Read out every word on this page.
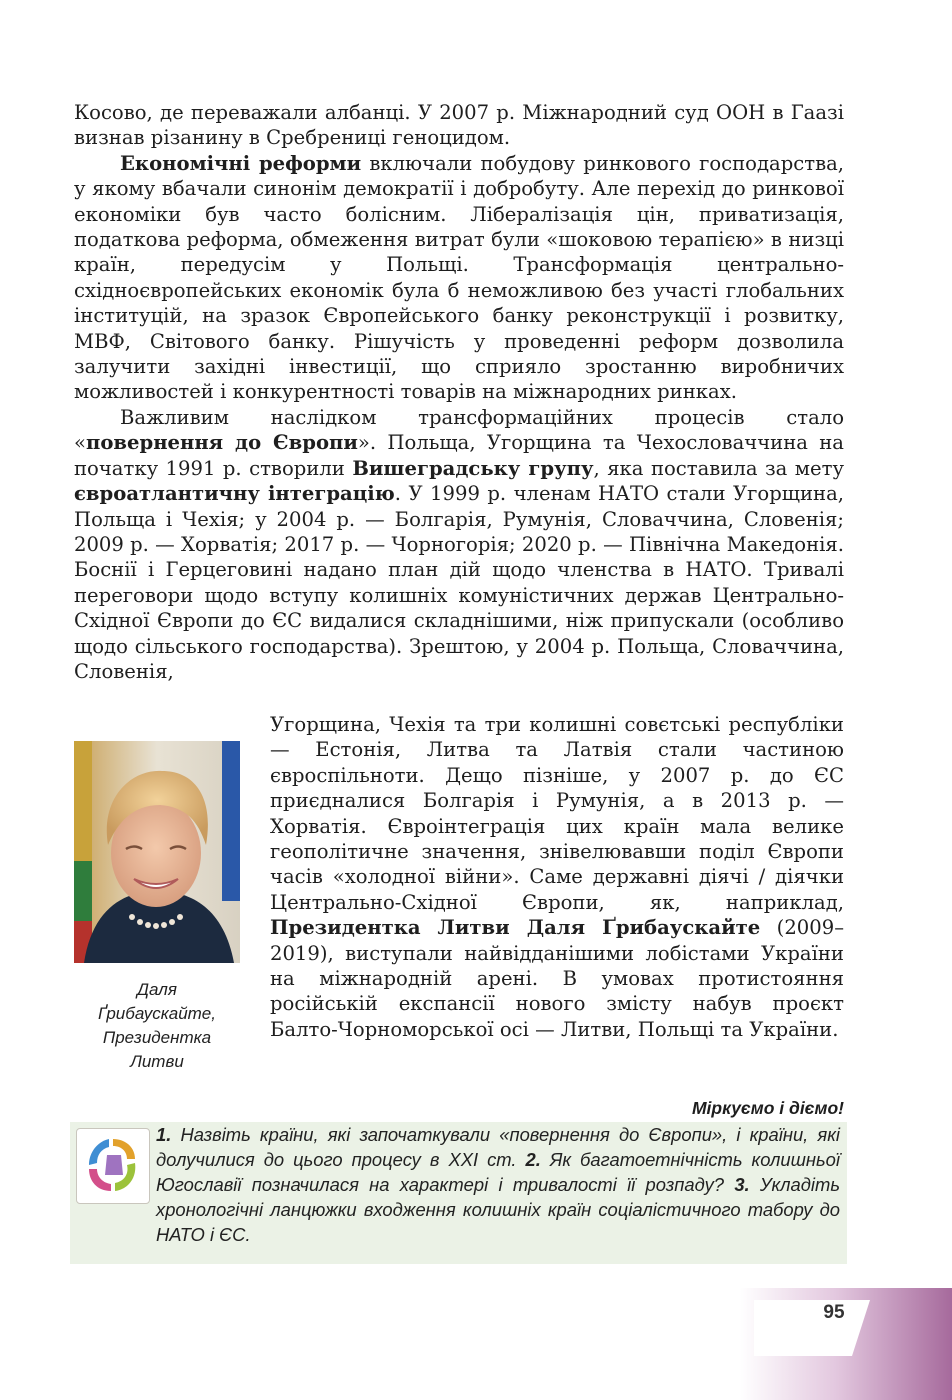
Косово, де переважали албанці. У 2007 р. Міжнародний суд ООН в Гаазі визнав різанину в Сребрениці геноцидом.

Економічні реформи включали побудову ринкового господарства, у якому вбачали синонім демократії і добробуту. Але перехід до ринкової економіки був часто болісним. Лібералізація цін, приватизація, податкова реформа, обмеження витрат були «шоковою терапією» в низці країн, передусім у Польщі. Трансформація центрально-східноєвропейських економік була б неможливою без участі глобальних інституцій, на зразок Європейського банку реконструкції і розвитку, МВФ, Світового банку. Рішучість у проведенні реформ дозволила залучити західні інвестиції, що сприяло зростанню виробничих можливостей і конкурентності товарів на міжнародних ринках.

Важливим наслідком трансформаційних процесів стало «повернення до Європи». Польща, Угорщина та Чехословаччина на початку 1991 р. створили Вишеградську групу, яка поставила за мету євроатлантичну інтеграцію. У 1999 р. членам НАТО стали Угорщина, Польща і Чехія; у 2004 р. — Болгарія, Румунія, Словаччина, Словенія; 2009 р. — Хорватія; 2017 р. — Чорногорія; 2020 р. — Північна Македонія. Боснії і Герцеговині надано план дій щодо членства в НАТО. Тривалі переговори щодо вступу колишніх комуністичних держав Центрально-Східної Європи до ЄС видалися складнішими, ніж припускали (особливо щодо сільського господарства). Зрештою, у 2004 р. Польща, Словаччина, Словенія,

Даля
Ґрибаускайте,
Президентка
Литви

Угорщина, Чехія та три колишні совєтські республіки — Естонія, Литва та Латвія стали частиною євроспільноти. Дещо пізніше, у 2007 р. до ЄС приєдналися Болгарія і Румунія, а в 2013 р. — Хорватія. Євроінтеграція цих країн мала велике геополітичне значення, знівелювавши поділ Європи часів «холодної війни». Саме державні діячі / діячки Центрально-Східної Європи, як, наприклад, Президентка Литви Даля Ґрибаускайте (2009–2019), виступали найвідданішими лобістами України на міжнародній арені. В умовах протистояння російській експансії нового змісту набув проєкт Балто-Чорноморської осі — Литви, Польщі та України.

Міркуємо і діємо!
1. Назвіть країни, які започаткували «повернення до Європи», і країни, які долучилися до цього процесу в XXI ст. 2. Як багатоетнічність колишньої Югославії позначилася на характері і тривалості її розпаду? 3. Укладіть хронологічні ланцюжки входження колишніх країн соціалістичного табору до НАТО і ЄС.
95
